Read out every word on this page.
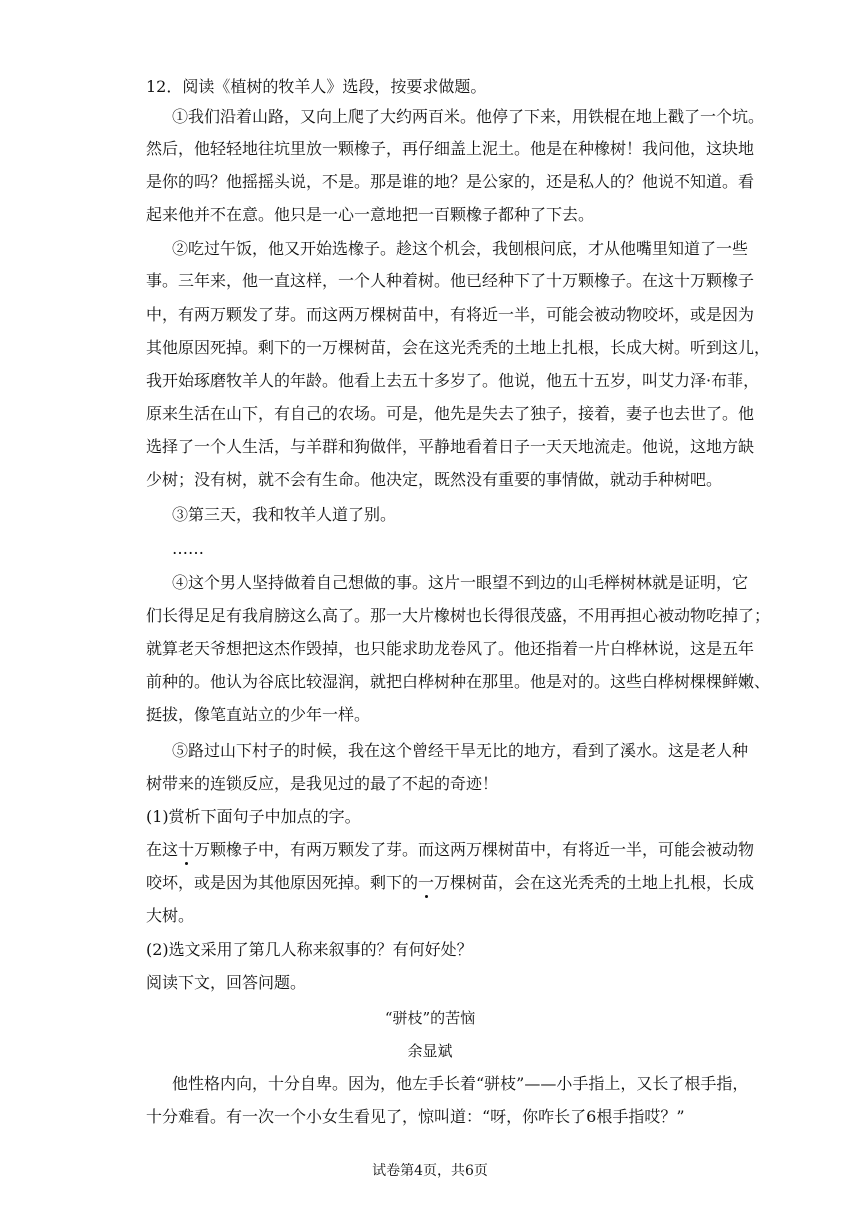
12．阅读《植树的牧羊人》选段，按要求做题。
①我们沿着山路，又向上爬了大约两百米。他停了下来，用铁棍在地上戳了一个坑。
然后，他轻轻地往坑里放一颗橡子，再仔细盖上泥土。他是在种橡树！我问他，这块地
是你的吗？他摇摇头说，不是。那是谁的地？是公家的，还是私人的？他说不知道。看
起来他并不在意。他只是一心一意地把一百颗橡子都种了下去。
②吃过午饭，他又开始选橡子。趁这个机会，我刨根问底，才从他嘴里知道了一些
事。三年来，他一直这样，一个人种着树。他已经种下了十万颗橡子。在这十万颗橡子
中，有两万颗发了芽。而这两万棵树苗中，有将近一半，可能会被动物咬坏，或是因为
其他原因死掉。剩下的一万棵树苗，会在这光秃秃的土地上扎根，长成大树。听到这儿，
我开始琢磨牧羊人的年龄。他看上去五十多岁了。他说，他五十五岁，叫艾力泽·布菲，
原来生活在山下，有自己的农场。可是，他先是失去了独子，接着，妻子也去世了。他
选择了一个人生活，与羊群和狗做伴，平静地看着日子一天天地流走。他说，这地方缺
少树；没有树，就不会有生命。他决定，既然没有重要的事情做，就动手种树吧。
③第三天，我和牧羊人道了别。
……
④这个男人坚持做着自己想做的事。这片一眼望不到边的山毛榉树林就是证明，它
们长得足足有我肩膀这么高了。那一大片橡树也长得很茂盛，不用再担心被动物吃掉了；
就算老天爷想把这杰作毁掉，也只能求助龙卷风了。他还指着一片白桦林说，这是五年
前种的。他认为谷底比较湿润，就把白桦树种在那里。他是对的。这些白桦树棵棵鲜嫩、
挺拔，像笔直站立的少年一样。
⑤路过山下村子的时候，我在这个曾经干旱无比的地方，看到了溪水。这是老人种
树带来的连锁反应，是我见过的最了不起的奇迹！
(1)赏析下面句子中加点的字。
在这十万颗橡子中，有两万颗发了芽。而这两万棵树苗中，有将近一半，可能会被动物
咬坏，或是因为其他原因死掉。剩下的一万棵树苗，会在这光秃秃的土地上扎根，长成
大树。
(2)选文采用了第几人称来叙事的？有何好处？
阅读下文，回答问题。
“骈枝”的苦恼
余显斌
他性格内向，十分自卑。因为，他左手长着“骈枝”——小手指上，又长了根手指，
十分难看。有一次一个小女生看见了，惊叫道：“呀，你咋长了6根手指哎？”
试卷第4页，共6页
